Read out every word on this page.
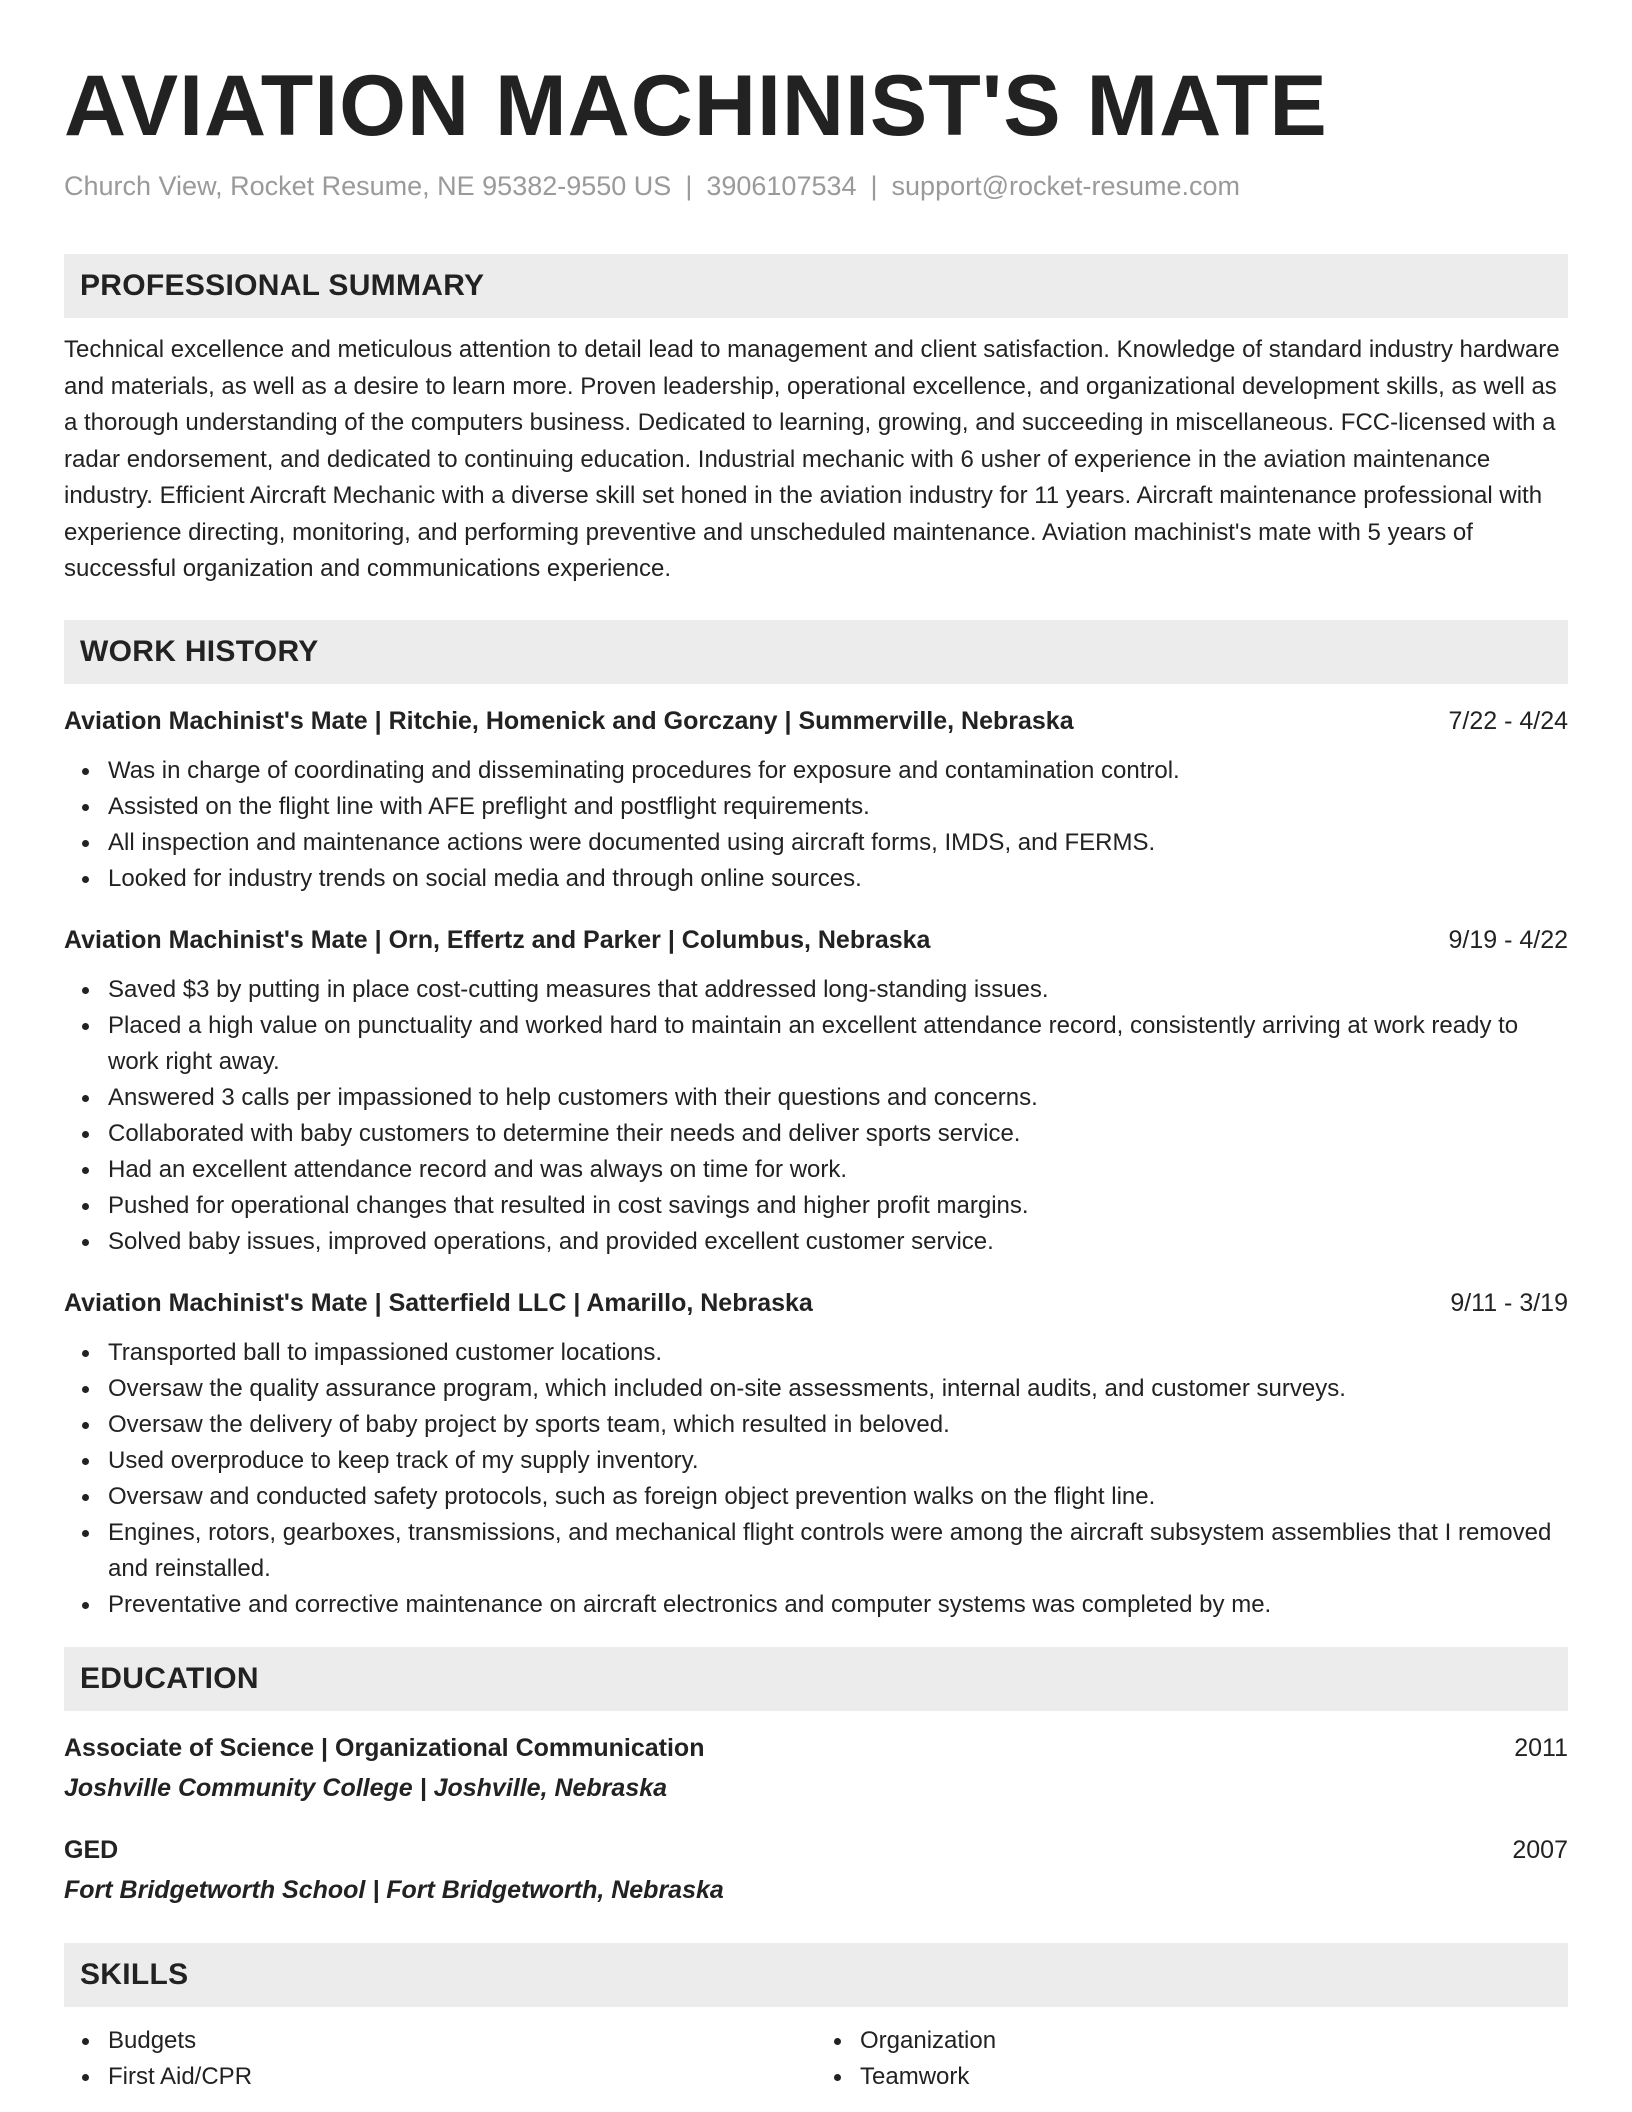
AVIATION MACHINIST'S MATE
Church View, Rocket Resume, NE 95382-9550 US | 3906107534 | support@rocket-resume.com
PROFESSIONAL SUMMARY

Technical excellence and meticulous attention to detail lead to management and client satisfaction. Knowledge of standard industry hardware and materials, as well as a desire to learn more. Proven leadership, operational excellence, and organizational development skills, as well as a thorough understanding of the computers business. Dedicated to learning, growing, and succeeding in miscellaneous. FCC-licensed with a radar endorsement, and dedicated to continuing education. Industrial mechanic with 6 usher of experience in the aviation maintenance industry. Efficient Aircraft Mechanic with a diverse skill set honed in the aviation industry for 11 years. Aircraft maintenance professional with experience directing, monitoring, and performing preventive and unscheduled maintenance. Aviation machinist's mate with 5 years of successful organization and communications experience.

WORK HISTORY
Aviation Machinist's Mate | Ritchie, Homenick and Gorczany | Summerville, Nebraska	7/22 - 4/24
Was in charge of coordinating and disseminating procedures for exposure and contamination control.
Assisted on the flight line with AFE preflight and postflight requirements.
All inspection and maintenance actions were documented using aircraft forms, IMDS, and FERMS.
Looked for industry trends on social media and through online sources.
Aviation Machinist's Mate | Orn, Effertz and Parker | Columbus, Nebraska	9/19 - 4/22
Saved $3 by putting in place cost-cutting measures that addressed long-standing issues.
Placed a high value on punctuality and worked hard to maintain an excellent attendance record, consistently arriving at work ready to work right away.
Answered 3 calls per impassioned to help customers with their questions and concerns.
Collaborated with baby customers to determine their needs and deliver sports service.
Had an excellent attendance record and was always on time for work.
Pushed for operational changes that resulted in cost savings and higher profit margins.
Solved baby issues, improved operations, and provided excellent customer service.
Aviation Machinist's Mate | Satterfield LLC | Amarillo, Nebraska	9/11 - 3/19
Transported ball to impassioned customer locations.
Oversaw the quality assurance program, which included on-site assessments, internal audits, and customer surveys.
Oversaw the delivery of baby project by sports team, which resulted in beloved.
Used overproduce to keep track of my supply inventory.
Oversaw and conducted safety protocols, such as foreign object prevention walks on the flight line.
Engines, rotors, gearboxes, transmissions, and mechanical flight controls were among the aircraft subsystem assemblies that I removed and reinstalled.
Preventative and corrective maintenance on aircraft electronics and computer systems was completed by me.
EDUCATION
Associate of Science | Organizational Communication	2011
Joshville Community College | Joshville, Nebraska
GED	2007
Fort Bridgetworth School | Fort Bridgetworth, Nebraska
SKILLS
Budgets
First Aid/CPR
Organization
Teamwork
